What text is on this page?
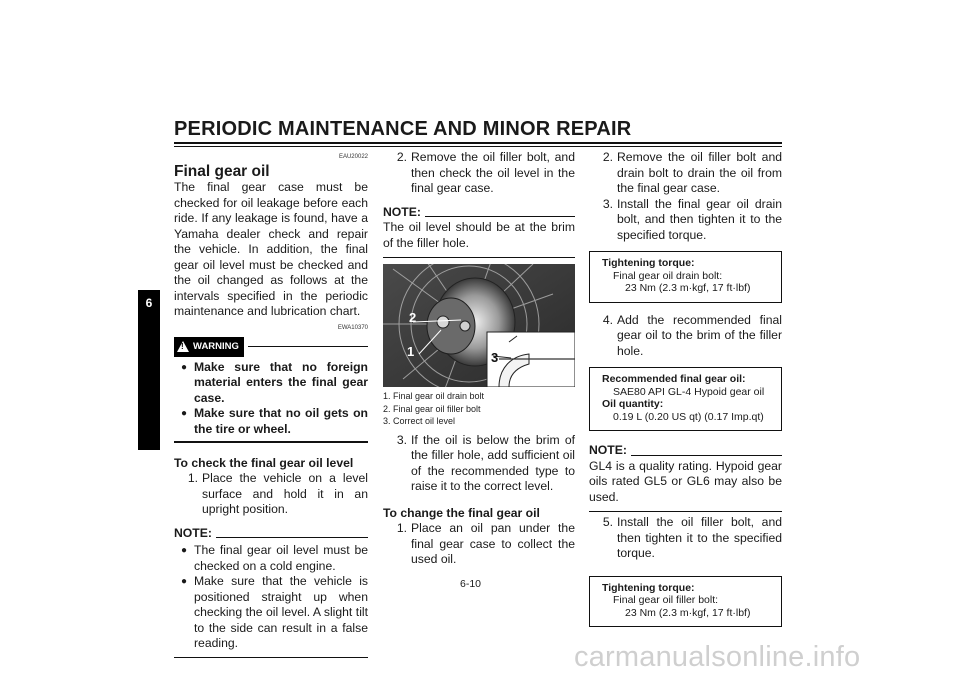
PERIODIC MAINTENANCE AND MINOR REPAIR
6
EAU20022
Final gear oil

The final gear case must be checked for oil leakage before each ride. If any leakage is found, have a Yamaha dealer check and repair the vehicle. In addition, the final gear oil level must be checked and the oil changed as follows at the intervals specified in the periodic maintenance and lubrication chart.

EWA10370
! WARNING
● Make sure that no foreign material enters the final gear case.
● Make sure that no oil gets on the tire or wheel.
To check the final gear oil level
1. Place the vehicle on a level surface and hold it in an upright position.
NOTE:
● The final gear oil level must be checked on a cold engine.
● Make sure that the vehicle is positioned straight up when checking the oil level. A slight tilt to the side can result in a false reading.
2. Remove the oil filler bolt, and then check the oil level in the final gear case.
NOTE:

The oil level should be at the brim of the filler hole.

2
1	3
1. Final gear oil drain bolt
2. Final gear oil filler bolt
3. Correct oil level
3. If the oil is below the brim of the filler hole, add sufficient oil of the recommended type to raise it to the correct level.
To change the final gear oil
1. Place an oil pan under the final gear case to collect the used oil.
2. Remove the oil filler bolt and drain bolt to drain the oil from the final gear case.
3. Install the final gear oil drain bolt, and then tighten it to the specified torque.
Tightening torque:
Final gear oil drain bolt:
23 Nm (2.3 m·kgf, 17 ft·lbf)
4. Add the recommended final gear oil to the brim of the filler hole.
Recommended final gear oil:
SAE80 API GL-4 Hypoid gear oil
Oil quantity:
0.19 L (0.20 US qt) (0.17 Imp.qt)
NOTE:

GL4 is a quality rating. Hypoid gear oils rated GL5 or GL6 may also be used.

5. Install the oil filler bolt, and then tighten it to the specified torque.
Tightening torque:
Final gear oil filler bolt:
23 Nm (2.3 m·kgf, 17 ft·lbf)
6-10
carmanualsonline.info
